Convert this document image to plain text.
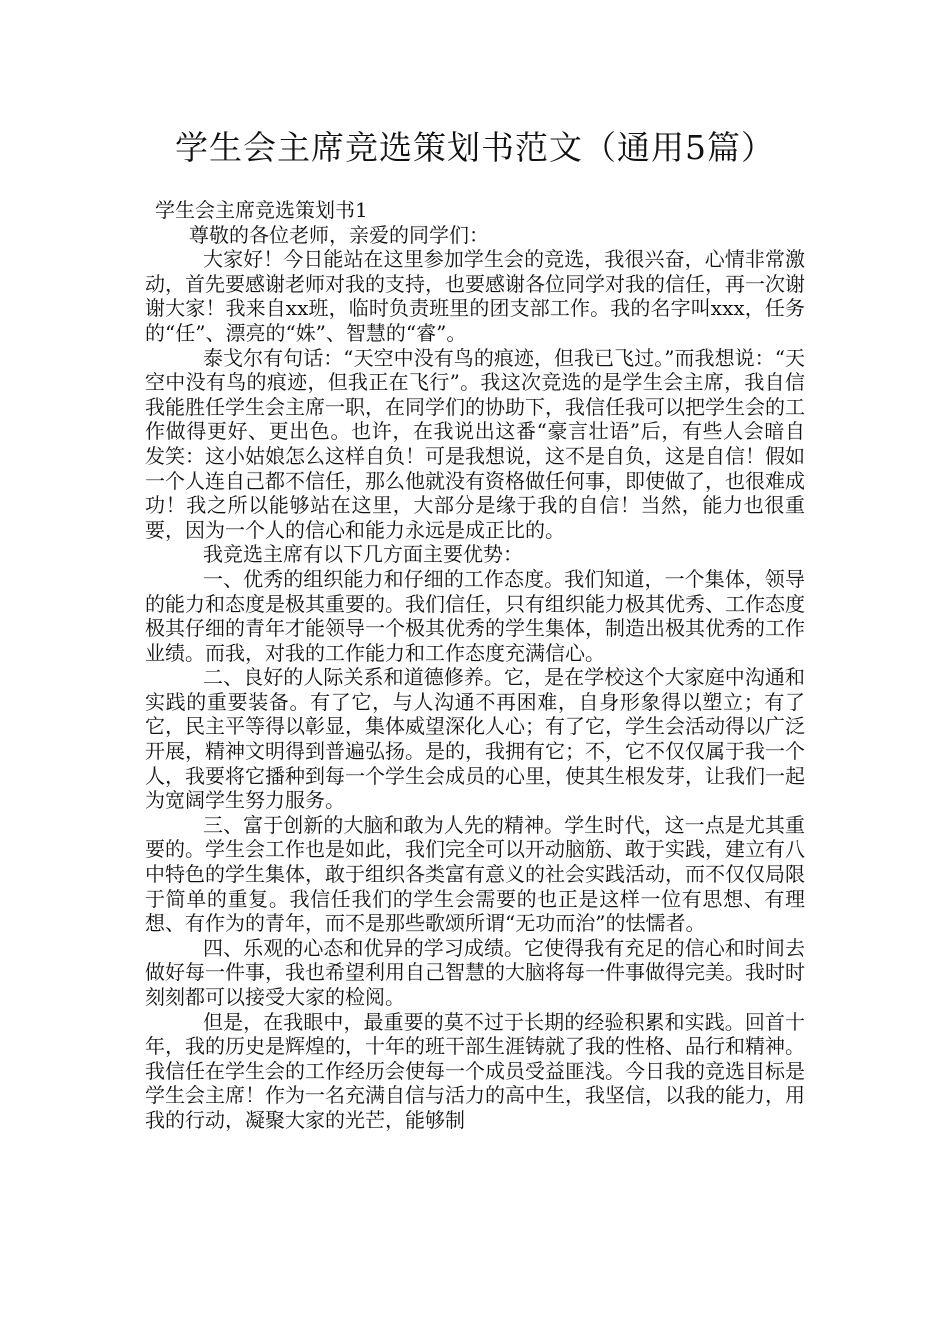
学生会主席竞选策划书范文（通用5篇）

学生会主席竞选策划书1

尊敬的各位老师，亲爱的同学们：

大家好！今日能站在这里参加学生会的竞选，我很兴奋，心情非常激动，首先要感谢老师对我的支持，也要感谢各位同学对我的信任，再一次谢谢大家！我来自xx班，临时负责班里的团支部工作。我的名字叫xxx，任务的“任”、漂亮的“姝”、智慧的“睿”。

泰戈尔有句话：“天空中没有鸟的痕迹，但我已飞过。”而我想说：“天空中没有鸟的痕迹，但我正在飞行”。我这次竞选的是学生会主席，我自信我能胜任学生会主席一职，在同学们的协助下，我信任我可以把学生会的工作做得更好、更出色。也许，在我说出这番“豪言壮语”后，有些人会暗自发笑：这小姑娘怎么这样自负！可是我想说，这不是自负，这是自信！假如一个人连自己都不信任，那么他就没有资格做任何事，即使做了，也很难成功！我之所以能够站在这里，大部分是缘于我的自信！当然，能力也很重要，因为一个人的信心和能力永远是成正比的。

我竞选主席有以下几方面主要优势：

一、优秀的组织能力和仔细的工作态度。我们知道，一个集体，领导的能力和态度是极其重要的。我们信任，只有组织能力极其优秀、工作态度极其仔细的青年才能领导一个极其优秀的学生集体，制造出极其优秀的工作业绩。而我，对我的工作能力和工作态度充满信心。

二、良好的人际关系和道德修养。它，是在学校这个大家庭中沟通和实践的重要装备。有了它，与人沟通不再困难，自身形象得以塑立；有了它，民主平等得以彰显，集体威望深化人心；有了它，学生会活动得以广泛开展，精神文明得到普遍弘扬。是的，我拥有它；不，它不仅仅属于我一个人，我要将它播种到每一个学生会成员的心里，使其生根发芽，让我们一起为宽阔学生努力服务。

三、富于创新的大脑和敢为人先的精神。学生时代，这一点是尤其重要的。学生会工作也是如此，我们完全可以开动脑筋、敢于实践，建立有八中特色的学生集体，敢于组织各类富有意义的社会实践活动，而不仅仅局限于简单的重复。我信任我们的学生会需要的也正是这样一位有思想、有理想、有作为的青年，而不是那些歌颂所谓“无功而治”的怯懦者。

四、乐观的心态和优异的学习成绩。它使得我有充足的信心和时间去做好每一件事，我也希望利用自己智慧的大脑将每一件事做得完美。我时时刻刻都可以接受大家的检阅。

但是，在我眼中，最重要的莫不过于长期的经验积累和实践。回首十年，我的历史是辉煌的，十年的班干部生涯铸就了我的性格、品行和精神。我信任在学生会的工作经历会使每一个成员受益匪浅。今日我的竞选目标是学生会主席！作为一名充满自信与活力的高中生，我坚信，以我的能力，用我的行动，凝聚大家的光芒，能够制
